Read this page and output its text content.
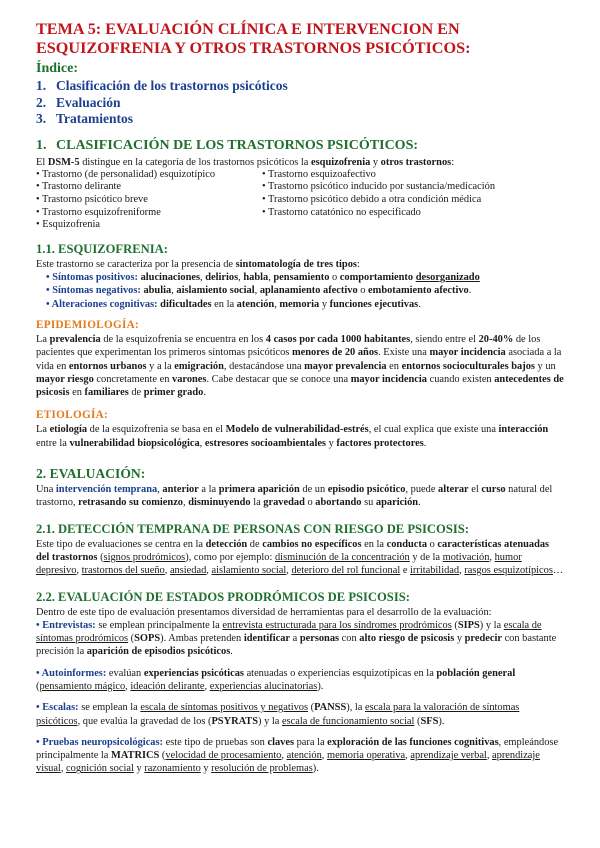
TEMA 5: EVALUACIÓN CLÍNICA E INTERVENCION EN ESQUIZOFRENIA Y OTROS TRASTORNOS PSICÓTICOS:
Índice:
1. Clasificación de los trastornos psicóticos
2. Evaluación
3. Tratamientos
1. CLASIFICACIÓN DE LOS TRASTORNOS PSICÓTICOS:

El DSM-5 distingue en la categoría de los trastornos psicóticos la esquizofrenia y otros trastornos:

• Trastorno (de personalidad) esquizotípico
• Trastorno delirante
• Trastorno psicótico breve
• Trastorno esquizofreniforme
• Esquizofrenia
• Trastorno esquizoafectivo
• Trastorno psicótico inducido por sustancia/medicación
• Trastorno psicótico debido a otra condición médica
• Trastorno catatónico no especificado
1.1. ESQUIZOFRENIA:

Este trastorno se caracteriza por la presencia de sintomatología de tres tipos:

• Síntomas positivos: alucinaciones, delirios, habla, pensamiento o comportamiento desorganizado
• Síntomas negativos: abulia, aislamiento social, aplanamiento afectivo o embotamiento afectivo.
• Alteraciones cognitivas: dificultades en la atención, memoria y funciones ejecutivas.
EPIDEMIOLOGÍA:

La prevalencia de la esquizofrenia se encuentra en los 4 casos por cada 1000 habitantes, siendo entre el 20-40% de los pacientes que experimentan los primeros síntomas psicóticos menores de 20 años. Existe una mayor incidencia asociada a la vida en entornos urbanos y a la emigración, destacándose una mayor prevalencia en entornos socioculturales bajos y un mayor riesgo concretamente en varones. Cabe destacar que se conoce una mayor incidencia cuando existen antecedentes de psicosis en familiares de primer grado.

ETIOLOGÍA:

La etiología de la esquizofrenia se basa en el Modelo de vulnerabilidad-estrés, el cual explica que existe una interacción entre la vulnerabilidad biopsicológica, estresores socioambientales y factores protectores.

2. EVALUACIÓN:

Una intervención temprana, anterior a la primera aparición de un episodio psicótico, puede alterar el curso natural del trastorno, retrasando su comienzo, disminuyendo la gravedad o abortando su aparición.

2.1. DETECCIÓN TEMPRANA DE PERSONAS CON RIESGO DE PSICOSIS:

Este tipo de evaluaciones se centra en la detección de cambios no específicos en la conducta o características atenuadas del trastornos (signos prodrómicos), como por ejemplo: disminución de la concentración y de la motivación, humor depresivo, trastornos del sueño, ansiedad, aislamiento social, deterioro del rol funcional e irritabilidad, rasgos esquizotípicos…

2.2. EVALUACIÓN DE ESTADOS PRODRÓMICOS DE PSICOSIS:

Dentro de este tipo de evaluación presentamos diversidad de herramientas para el desarrollo de la evaluación:

• Entrevistas: se emplean principalmente la entrevista estructurada para los síndromes prodrómicos (SIPS) y la escala de síntomas prodrómicos (SOPS). Ambas pretenden identificar a personas con alto riesgo de psicosis y predecir con bastante precisión la aparición de episodios psicóticos.

• Autoinformes: evalúan experiencias psicóticas atenuadas o experiencias esquizotípicas en la población general (pensamiento mágico, ideación delirante, experiencias alucinatorias).

• Escalas: se emplean la escala de síntomas positivos y negativos (PANSS), la escala para la valoración de síntomas psicóticos, que evalúa la gravedad de los (PSYRATS) y la escala de funcionamiento social (SFS).

• Pruebas neuropsicológicas: este tipo de pruebas son claves para la exploración de las funciones cognitivas, empleándose principalmente la MATRICS (velocidad de procesamiento, atención, memoria operativa, aprendizaje verbal, aprendizaje visual, cognición social y razonamiento y resolución de problemas).
